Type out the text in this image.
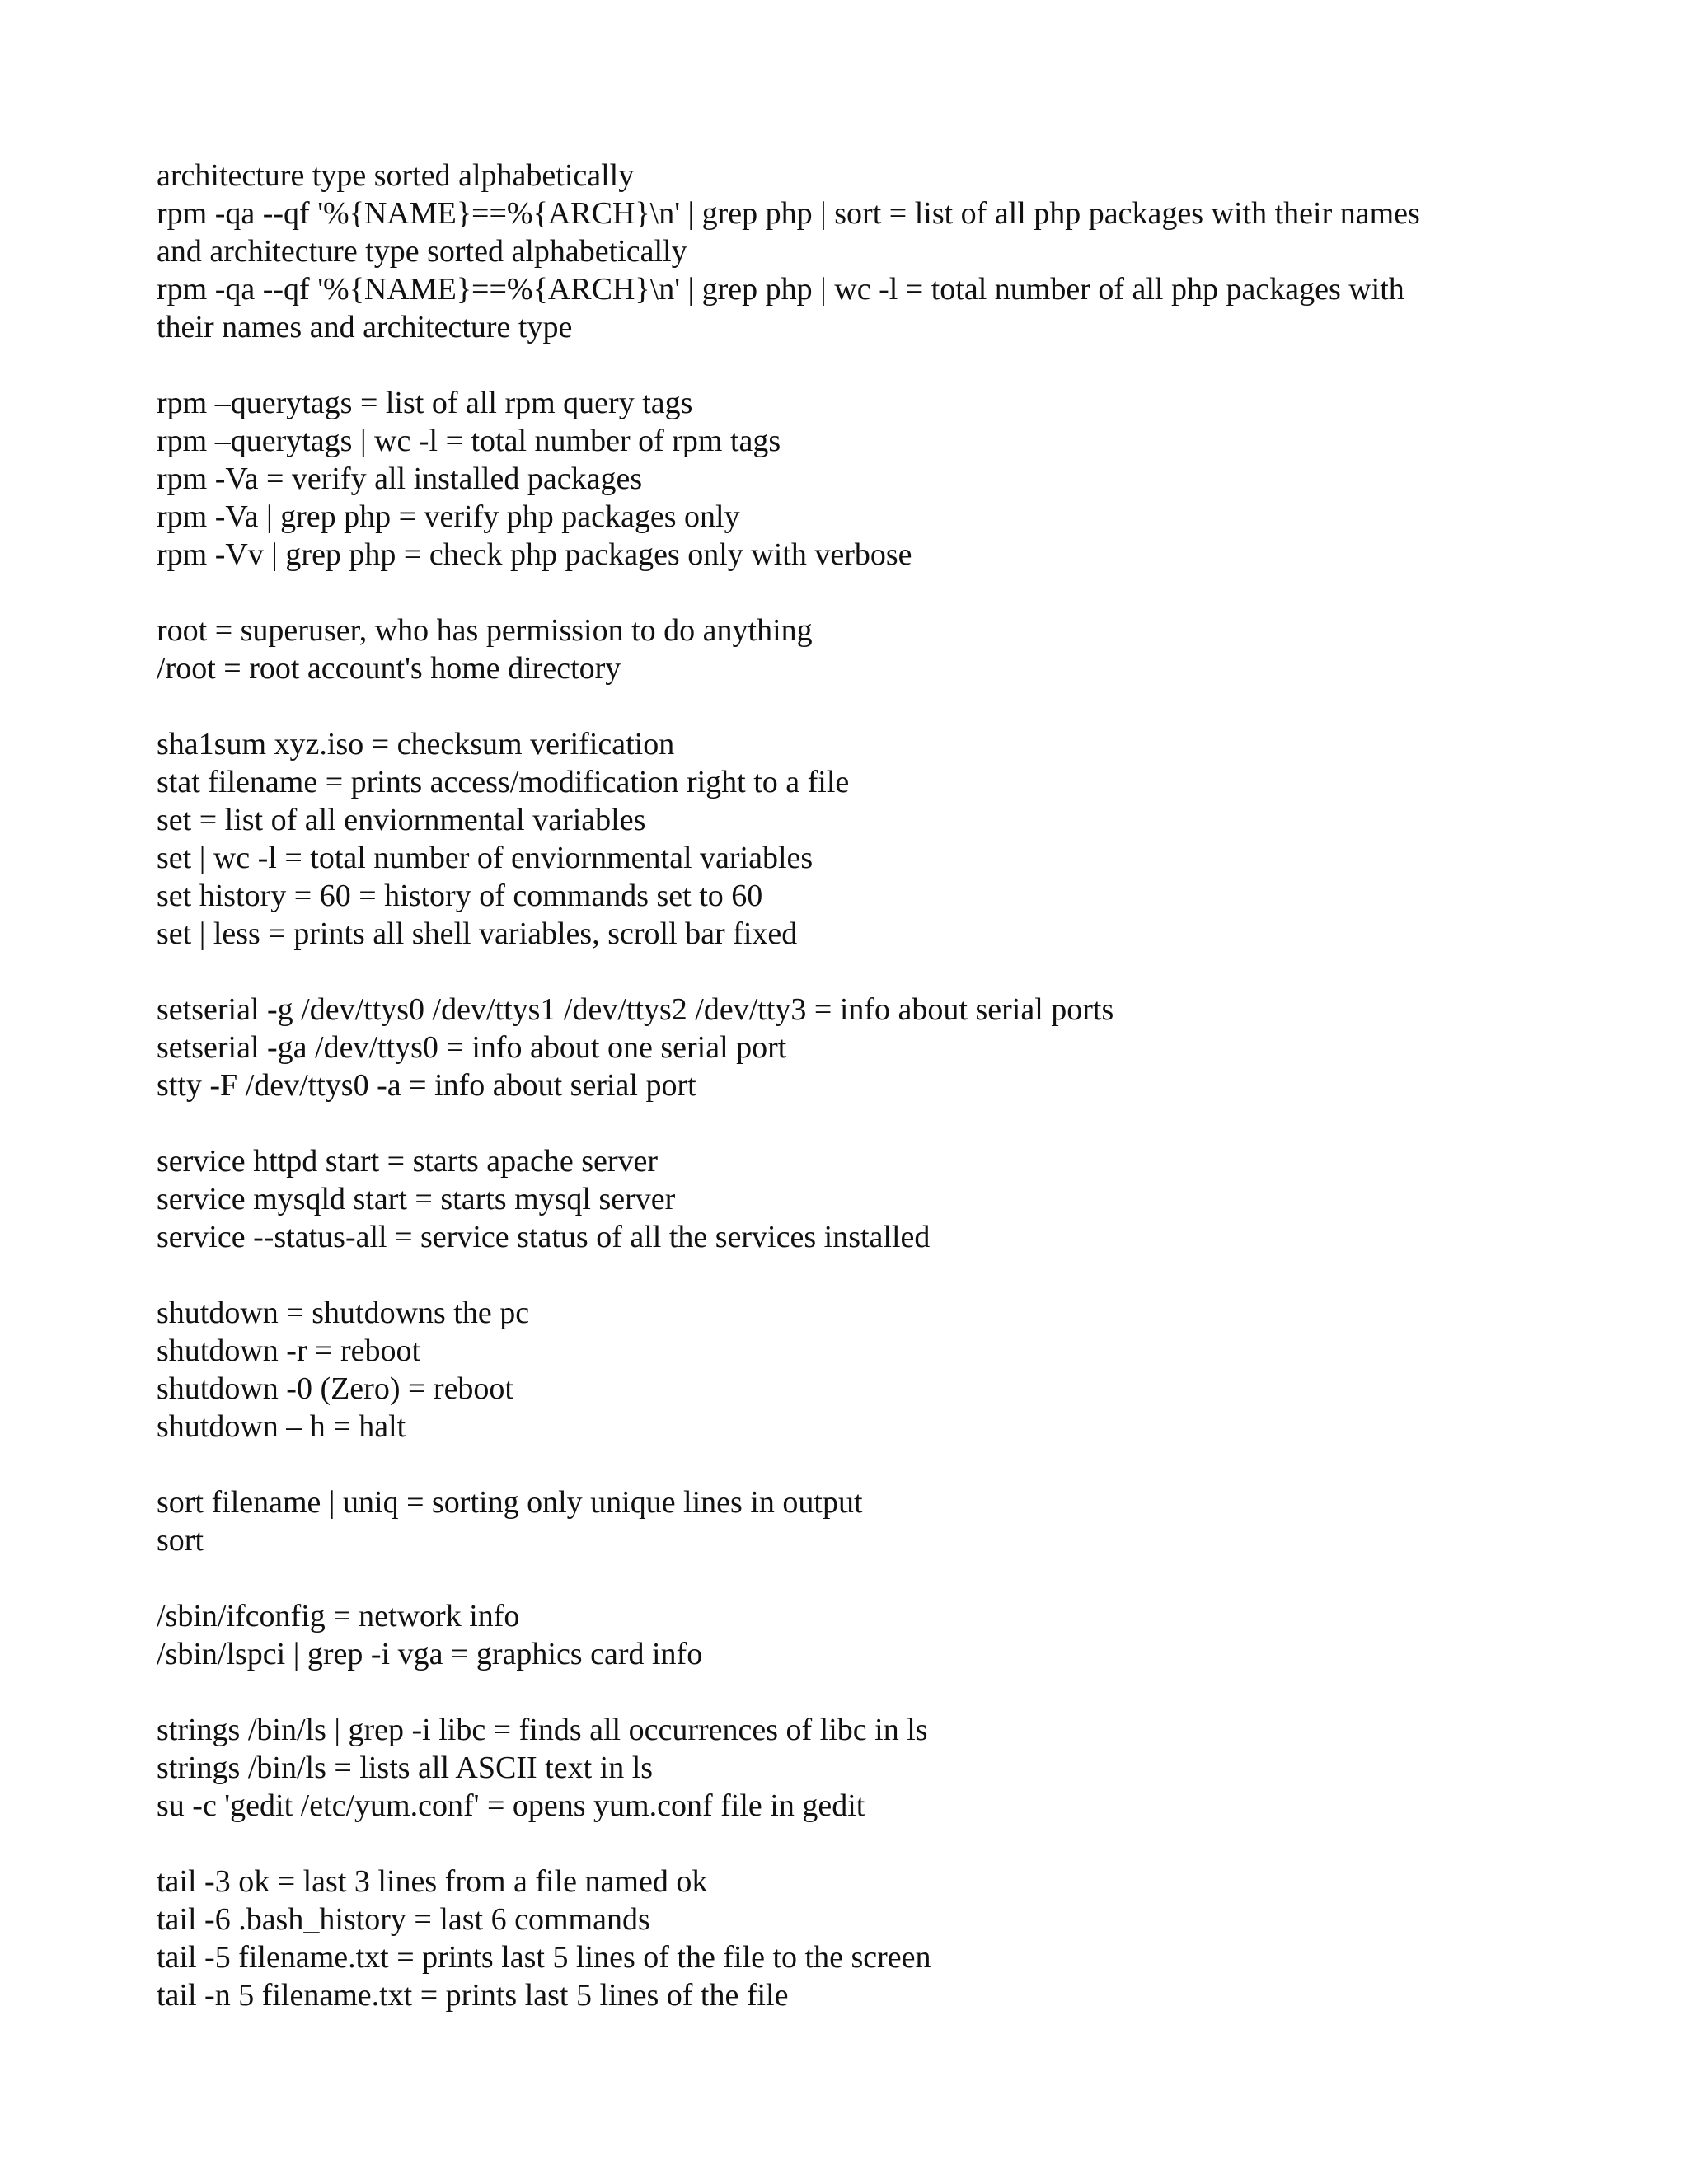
architecture type sorted alphabetically
rpm -qa --qf '%{NAME}==%{ARCH}\n' | grep php | sort = list of all php packages with their names
and architecture type sorted alphabetically
rpm -qa --qf '%{NAME}==%{ARCH}\n' | grep php | wc -l = total number of all php packages with
their names and architecture type
rpm –querytags = list of all rpm query tags
rpm –querytags | wc -l = total number of rpm tags
rpm -Va = verify all installed packages
rpm -Va | grep php = verify php packages only
rpm -Vv | grep php = check php packages only with verbose
root = superuser, who has permission to do anything
/root = root account's home directory
sha1sum xyz.iso = checksum verification
stat filename = prints access/modification right to a file
set = list of all enviornmental variables
set | wc -l = total number of enviornmental variables
set history = 60 = history of commands set to 60
set | less = prints all shell variables, scroll bar fixed
setserial -g /dev/ttys0 /dev/ttys1 /dev/ttys2 /dev/tty3 = info about serial ports
setserial -ga /dev/ttys0 = info about one serial port
stty -F /dev/ttys0 -a = info about serial port
service httpd start = starts apache server
service mysqld start = starts mysql server
service --status-all = service status of all the services installed
shutdown = shutdowns the pc
shutdown -r = reboot
shutdown -0 (Zero) = reboot
shutdown – h = halt
sort filename | uniq = sorting only unique lines in output
sort
/sbin/ifconfig = network info
/sbin/lspci | grep -i vga = graphics card info
strings /bin/ls | grep -i libc = finds all occurrences of libc in ls
strings /bin/ls = lists all ASCII text in ls
su -c 'gedit /etc/yum.conf' = opens yum.conf file in gedit
tail -3 ok = last 3 lines from a file named ok
tail -6 .bash_history = last 6 commands
tail -5 filename.txt = prints last 5 lines of the file to the screen
tail -n 5 filename.txt = prints last 5 lines of the file
